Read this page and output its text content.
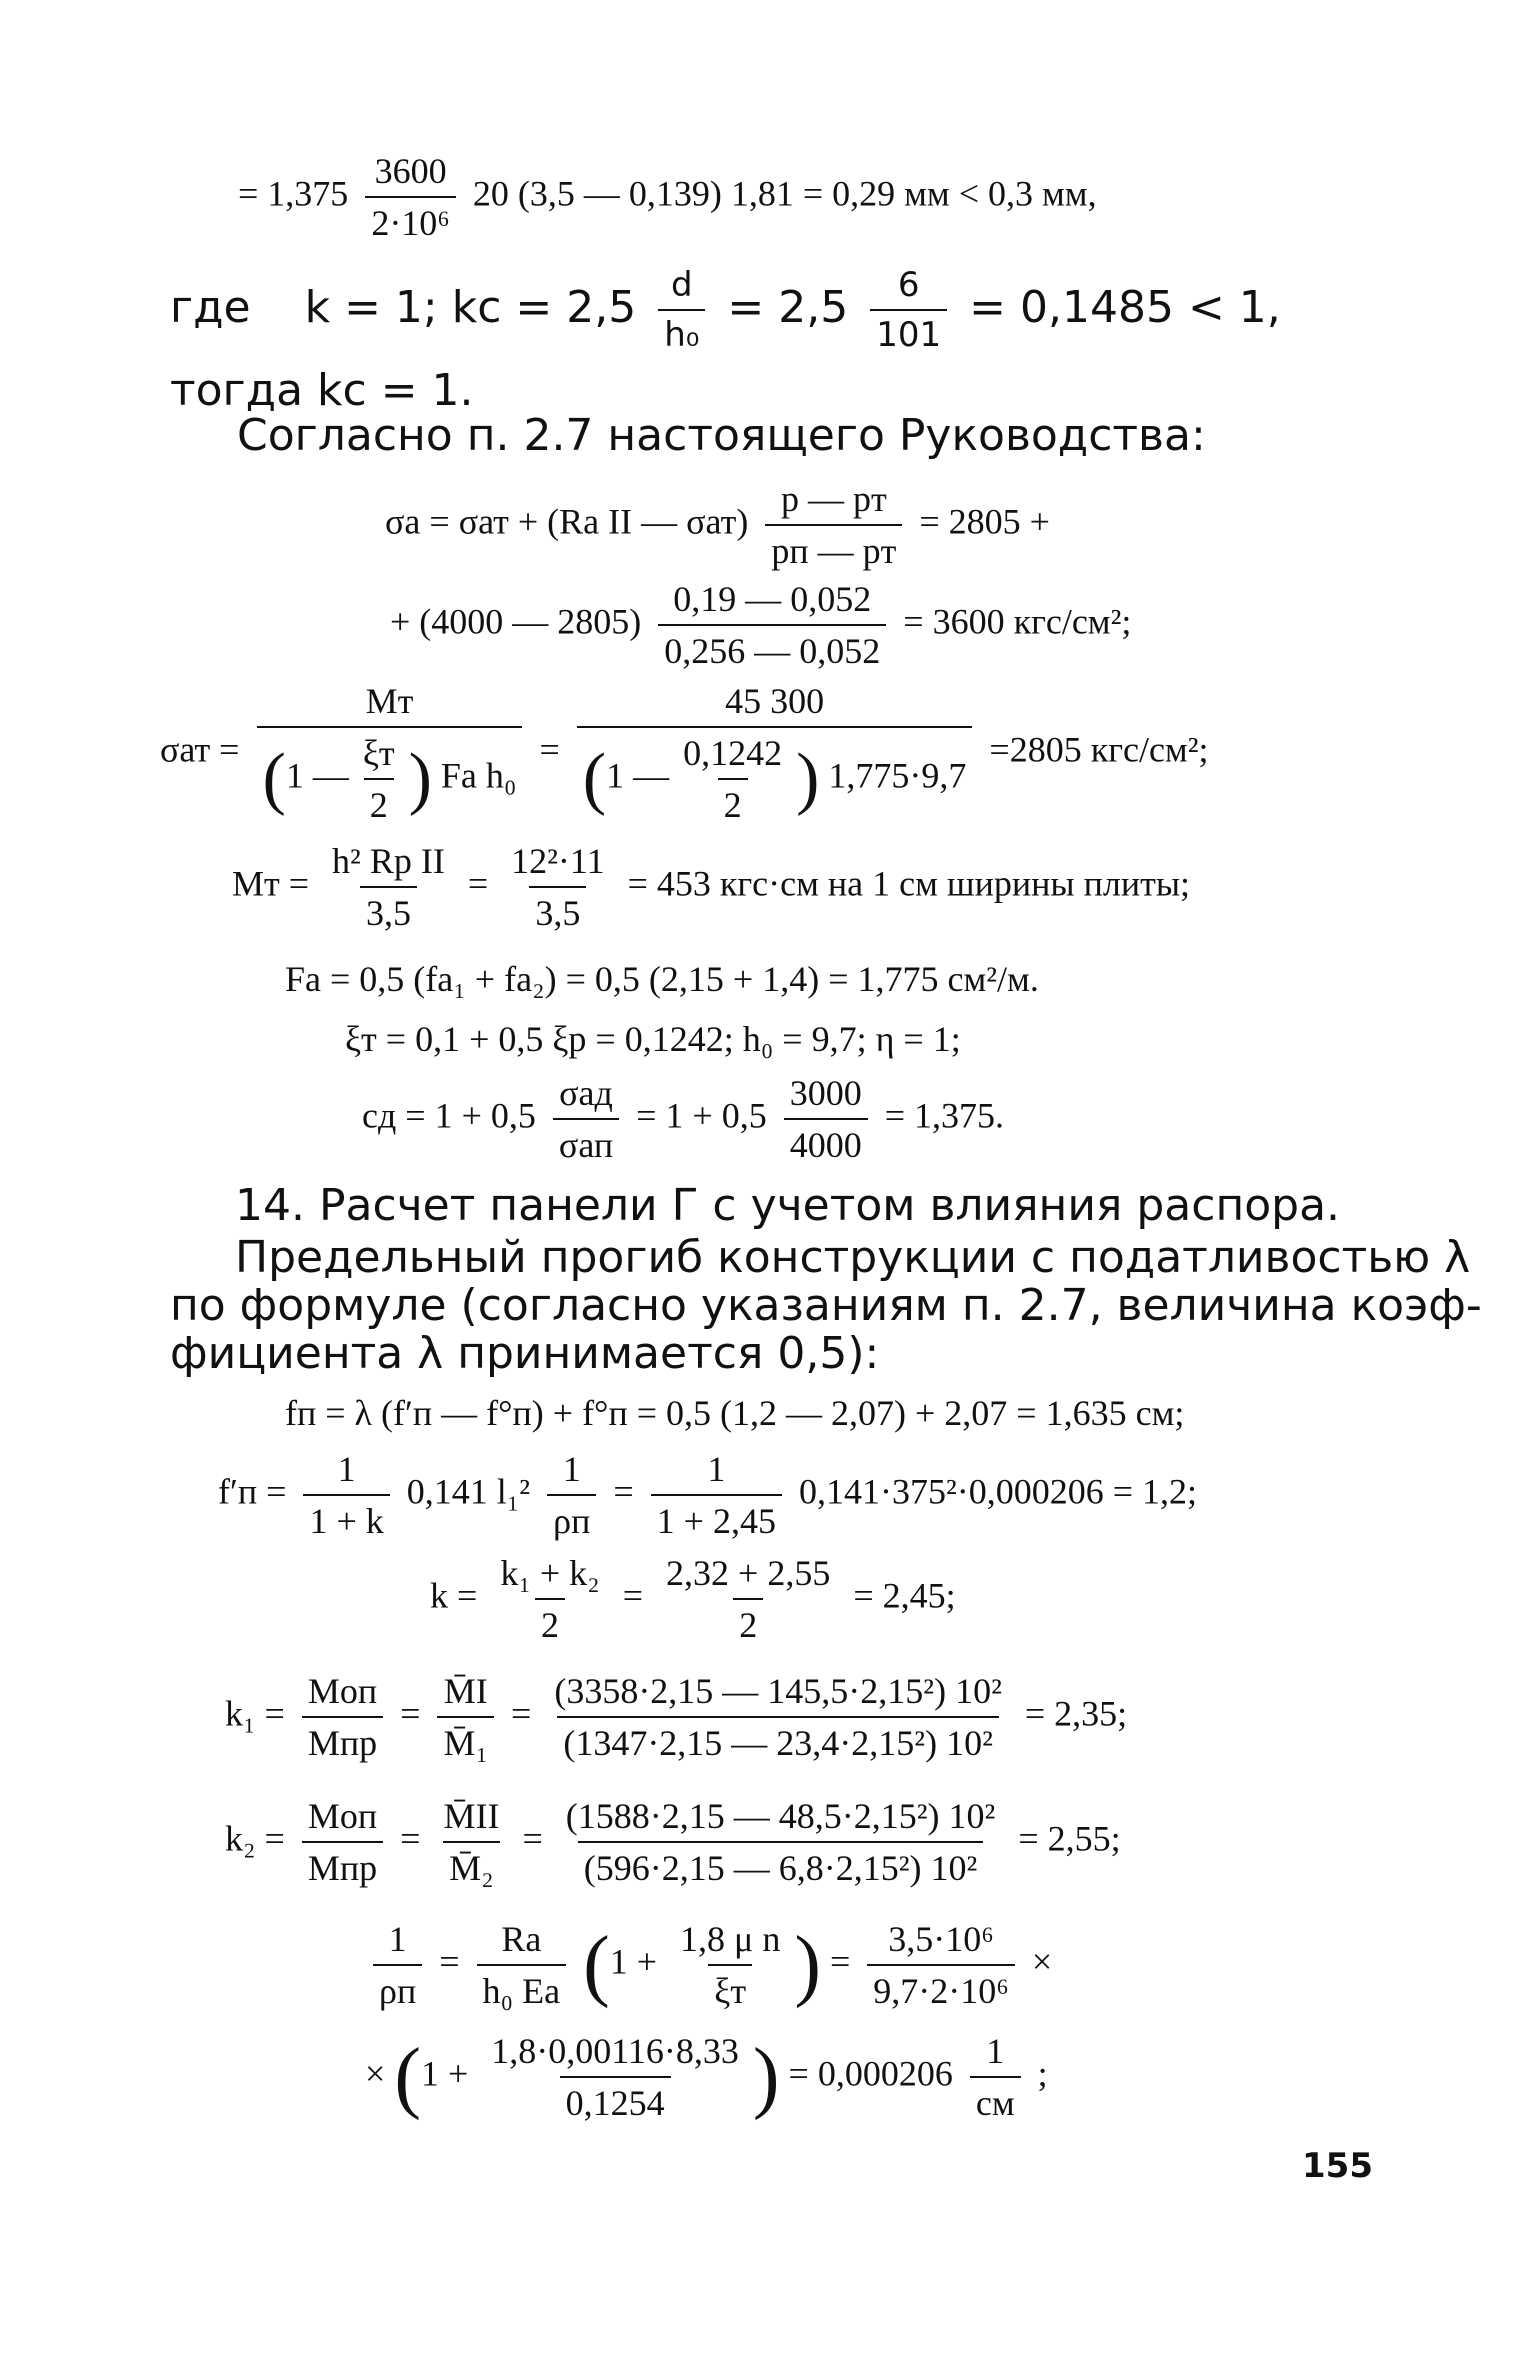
= $1,375 \frac{3600}{\text{2·10⁶}} 20$ (3,5 — 0,139) 1,81 = 0,29 мм < 0,3 мм,
где k = 1; kс = $2,5 \frac{d}{\text{h₀}} = 2,5 \frac{6}{101} = 0,1485 < 1$,
тогда kс = 1.
Согласно п. 2.7 настоящего Руководства:
σа = σат + (Rа II — $\sigma ат) \frac{p — pт}{pп — pт} = 2805$ +
+ (4000 — $2805) \frac{0,19 — 0,052}{0,256 — 0,052} = 3600$ кгс/см²;
$\sigma ат = \frac{Mт}{(1 — \frac{\xi т}{2} ) Fа h_0} = \frac{45 300}{(1 — \frac{0,1242}{2} ) 1,775\cdot 9,7} =2805$ кгс/см²;
Mт = $\frac{\text{h² Rр II}}{3,5} = \frac{\text{12²·11}}{3,5} = 453$ кгс·см на 1 см ширины плиты;
Fа = 0,5 (fа₁ + fа₂) = 0,5 (2,15 + 1,4) = 1,775 см²/м.
ξт = 0,1 + 0,5 ξр = 0,1242; h₀ = 9,7; η = 1;
cд = $1 + 0,5 \frac{\text{σад}}{\text{σап}} = 1 + 0,5 \frac{3000}{4000} = 1,375$.
14. Расчет панели Г с учетом влияния распора.
Предельный прогиб конструкции с податливостью λ
по формуле (согласно указаниям п. 2.7, величина коэф-
фициента λ принимается 0,5):
fп = λ (f′п — f°п) + f°п = 0,5 (1,2 — 2,07) + 2,07 = 1,635 см;
$f'п = \frac{1}{1 + k} 0,141$ $l_1^2 \frac{1}{\rho п} = \frac{1}{1 + 2,45} 0,141\cdot 375^2\cdot 0,000206 = 1,2$;
$k = \frac{\text{k₁ + k₂}}{2} = \frac{2,32 + 2,55}{2} = 2,45$;
$k_1 = \frac{\text{Mоп}}{\text{Mпр}} = \frac{M̄I}{\text{M̄₁}} = \frac{\text{(3358·2,15 — 145,5·2,15²) 10²}}{\text{(1347·2,15 — 23,4·2,15²) 10²}} = 2,35$;
$k_2 = \frac{\text{Mоп}}{\text{Mпр}} = \frac{M̄II}{\text{M̄₂}} = \frac{\text{(1588·2,15 — 48,5·2,15²) 10²}}{\text{(596·2,15 — 6,8·2,15²) 10²}} = 2,55$;
$\frac{1}{\rho п} = \frac{Rа}{\text{h₀ Eа}} (1 + \frac{\text{1,8 μ n}}{\xi т}$ ) = $\frac{\text{3,5·10⁶}}{\text{9,7·2·10⁶}}$ ×
× ($1 + \frac{1,8\cdot 0,00116\cdot 8,33}{0,1254}$ ) = $0,000206 \frac{1}{см}$ ;
155
